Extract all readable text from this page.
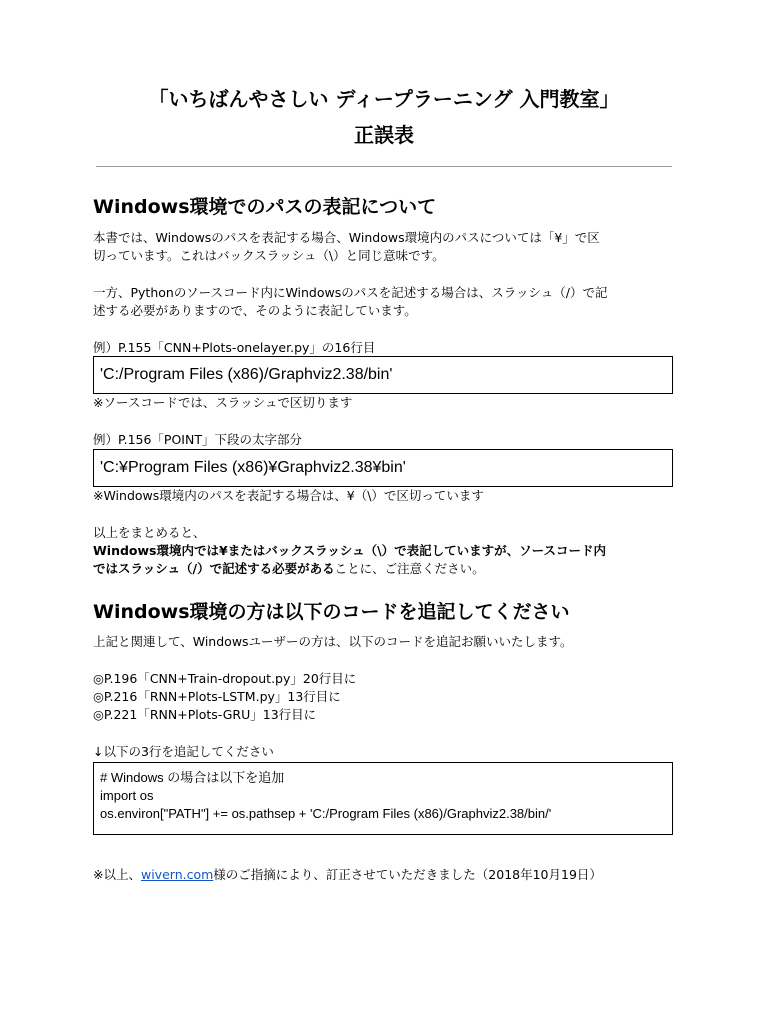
「いちばんやさしい ディープラーニング 入門教室」
正誤表
Windows環境でのパスの表記について
本書では、Windowsのパスを表記する場合、Windows環境内のパスについては「¥」で区
切っています。これはバックスラッシュ（\）と同じ意味です。
一方、Pythonのソースコード内にWindowsのパスを記述する場合は、スラッシュ（/）で記
述する必要がありますので、そのように表記しています。
例）P.155「CNN+Plots-onelayer.py」の16行目
'C:/Program Files (x86)/Graphviz2.38/bin'
※ソースコードでは、スラッシュで区切ります
例）P.156「POINT」下段の太字部分
'C:¥Program Files (x86)¥Graphviz2.38¥bin'
※Windows環境内のパスを表記する場合は、¥（\）で区切っています
以上をまとめると、
Windows環境内では¥またはバックスラッシュ（\）で表記していますが、ソースコード内
ではスラッシュ（/）で記述する必要があることに、ご注意ください。
Windows環境の方は以下のコードを追記してください
上記と関連して、Windowsユーザーの方は、以下のコードを追記お願いいたします。
◎P.196「CNN+Train-dropout.py」20行目に
◎P.216「RNN+Plots-LSTM.py」13行目に
◎P.221「RNN+Plots-GRU」13行目に
↓以下の3行を追記してください
# Windows の場合は以下を追加
import os
os.environ["PATH"] += os.pathsep + 'C:/Program Files (x86)/Graphviz2.38/bin/'
※以上、wivern.com様のご指摘により、訂正させていただきました（2018年10月19日）
